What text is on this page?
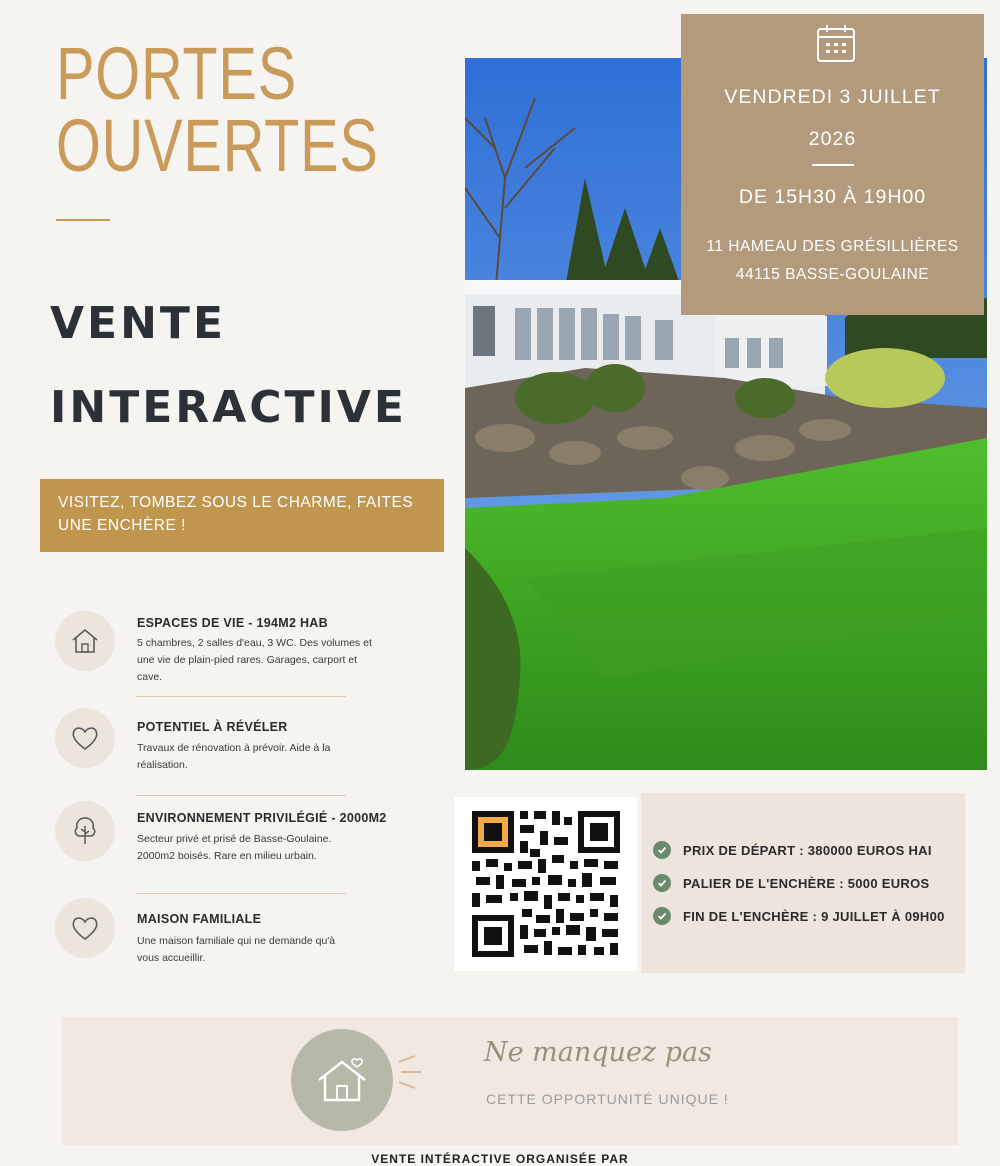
PORTES
OUVERTES
VENTE
INTERACTIVE
VISITEZ, TOMBEZ SOUS LE CHARME, FAITES UNE ENCHÈRE !
ESPACES DE VIE - 194M2 HAB
5 chambres, 2 salles d'eau, 3 WC. Des volumes et une vie de plain-pied rares. Garages, carport et cave.
POTENTIEL À RÉVÉLER
Travaux de rénovation à prévoir. Aide à la réalisation.
ENVIRONNEMENT PRIVILÉGIÉ - 2000M2
Secteur privé et prisé de Basse-Goulaine. 2000m2 boisés. Rare en milieu urbain.
MAISON FAMILIALE
Une maison familiale qui ne demande qu'à vous accueillir.
VENDREDI 3 JUILLET
2026
DE 15H30 À 19H00
11 HAMEAU DES GRÉSILLIÈRES
44115 BASSE-GOULAINE
PRIX DE DÉPART : 380000 EUROS HAI
PALIER DE L'ENCHÈRE : 5000 EUROS
FIN DE L'ENCHÈRE : 9 JUILLET À 09H00
Ne manquez pas
CETTE OPPORTUNITÉ UNIQUE !
VENTE INTÉRACTIVE ORGANISÉE PAR
